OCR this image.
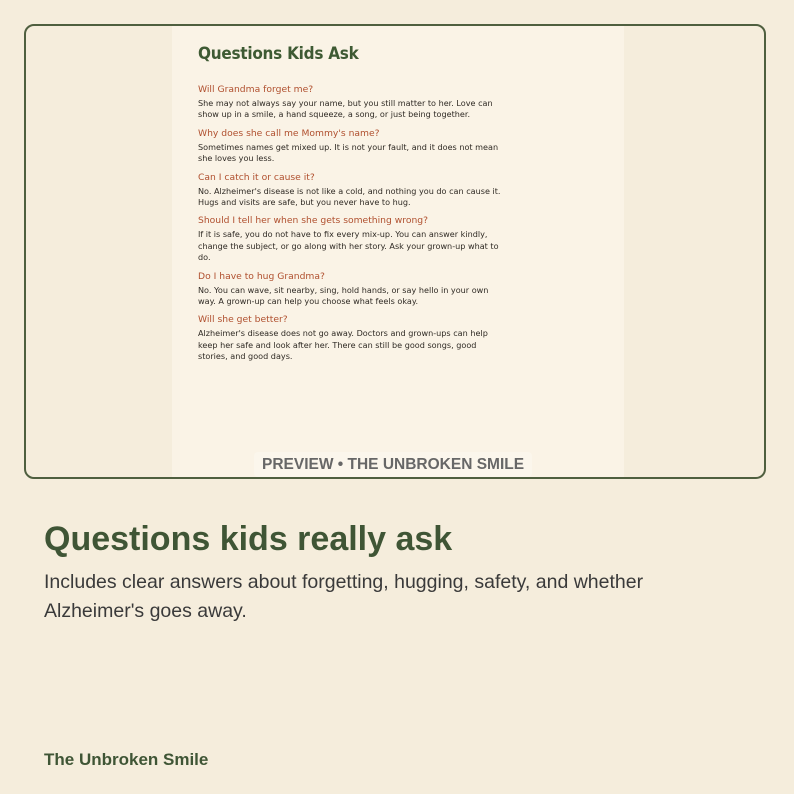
Questions Kids Ask

Will Grandma forget me?

She may not always say your name, but you still matter to her. Love can show up in a smile, a hand squeeze, a song, or just being together.

Why does she call me Mommy's name?

Sometimes names get mixed up. It is not your fault, and it does not mean she loves you less.

Can I catch it or cause it?

No. Alzheimer's disease is not like a cold, and nothing you do can cause it. Hugs and visits are safe, but you never have to hug.

Should I tell her when she gets something wrong?

If it is safe, you do not have to fix every mix-up. You can answer kindly, change the subject, or go along with her story. Ask your grown-up what to do.

Do I have to hug Grandma?

No. You can wave, sit nearby, sing, hold hands, or say hello in your own way. A grown-up can help you choose what feels okay.

Will she get better?

Alzheimer's disease does not go away. Doctors and grown-ups can help keep her safe and look after her. There can still be good songs, good stories, and good days.

PREVIEW • THE UNBROKEN SMILE
Questions kids really ask

Includes clear answers about forgetting, hugging, safety, and whether Alzheimer's goes away.

The Unbroken Smile
